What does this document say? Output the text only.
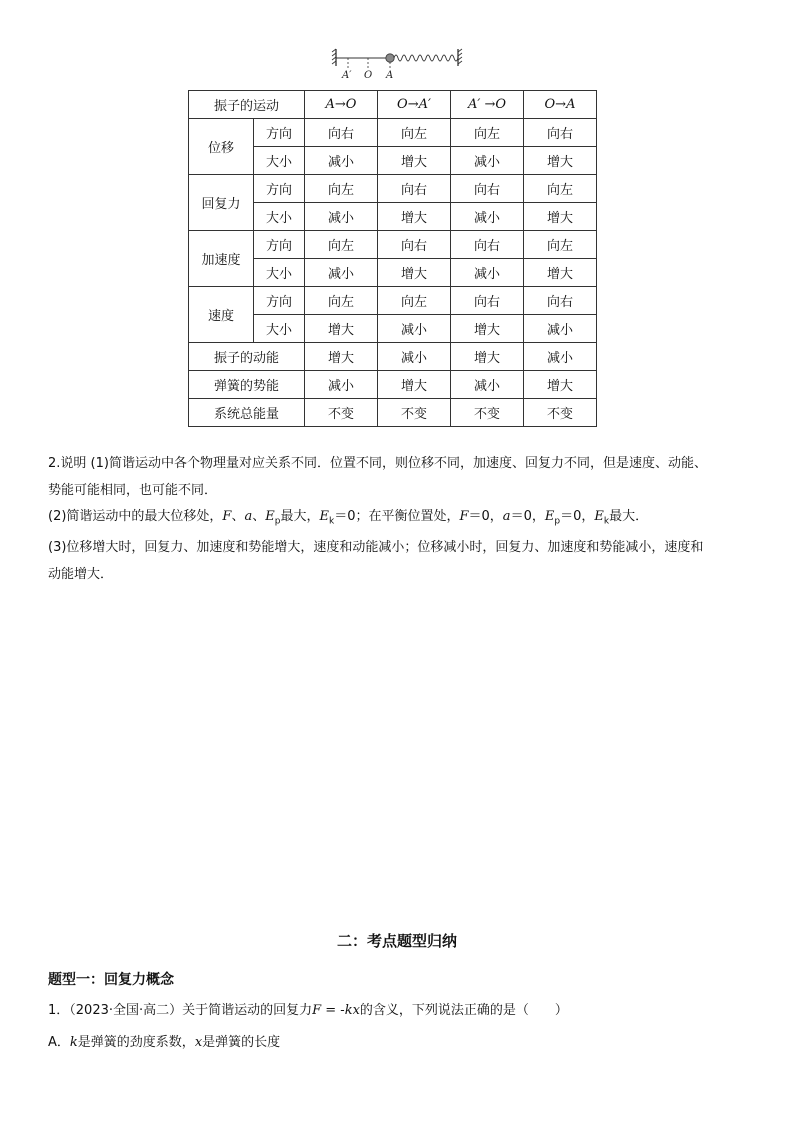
A′ O A
振子的运动		A→O	O→A′	A′ →O	O→A
位移	方向	向右	向左	向左	向右
	大小	减小	增大	减小	增大
回复力	方向	向左	向右	向右	向左
	大小	减小	增大	减小	增大
加速度	方向	向左	向右	向右	向左
	大小	减小	增大	减小	增大
速度	方向	向左	向左	向右	向右
	大小	增大	减小	增大	减小
振子的动能		增大	减小	增大	减小
弹簧的势能		减小	增大	减小	增大
系统总能量		不变	不变	不变	不变

2.说明 (1)简谐运动中各个物理量对应关系不同．位置不同，则位移不同，加速度、回复力不同，但是速度、动能、

势能可能相同，也可能不同．

(2)简谐运动中的最大位移处，F、a、$E_p$最大，$E_k=0$；在平衡位置处，F＝0，a＝0，$E_p=0$，$E_k$最大．

(3)位移增大时，回复力、加速度和势能增大，速度和动能减小；位移减小时，回复力、加速度和势能减小，速度和

动能增大．

二：考点题型归纳
题型一：回复力概念
1．（2023·全国·高二）关于简谐运动的回复力F = -kx的含义，下列说法正确的是（　　）
A．k是弹簧的劲度系数，x是弹簧的长度
